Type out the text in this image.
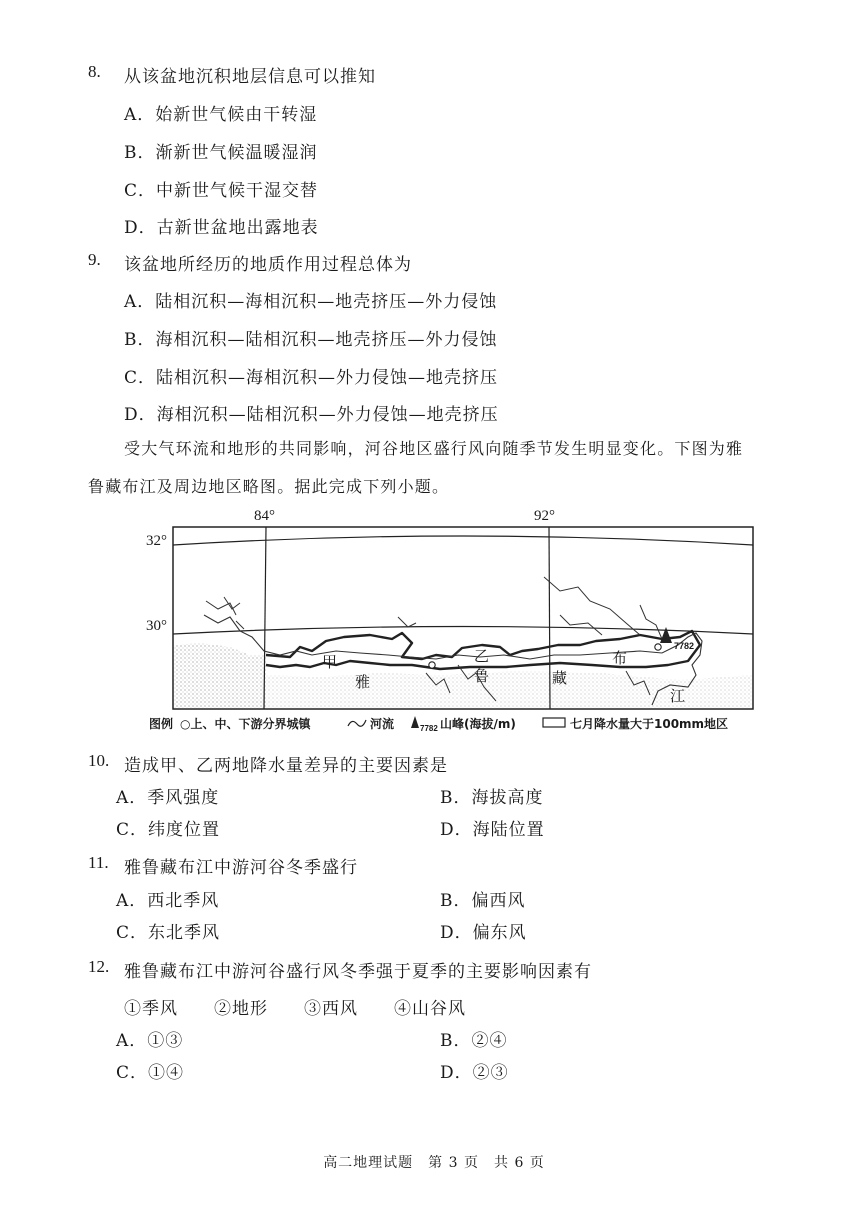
8. 从该盆地沉积地层信息可以推知
A．始新世气候由干转湿
B．渐新世气候温暖湿润
C．中新世气候干湿交替
D．古新世盆地出露地表
9. 该盆地所经历的地质作用过程总体为
A．陆相沉积—海相沉积—地壳挤压—外力侵蚀
B．海相沉积—陆相沉积—地壳挤压—外力侵蚀
C．陆相沉积—海相沉积—外力侵蚀—地壳挤压
D．海相沉积—陆相沉积—外力侵蚀—地壳挤压
受大气环流和地形的共同影响，河谷地区盛行风向随季节发生明显变化。下图为雅
鲁藏布江及周边地区略图。据此完成下列小题。
84°	92°
32°
30°
甲
雅
乙
鲁	藏
布
江
7782
图例 ○上、中、下游分界城镇	河流	7782 山峰(海拔/m)	七月降水量大于100mm地区
10. 造成甲、乙两地降水量差异的主要因素是
A．季风强度	B．海拔高度
C．纬度位置	D．海陆位置
11. 雅鲁藏布江中游河谷冬季盛行
A．西北季风	B．偏西风
C．东北季风	D．偏东风
12. 雅鲁藏布江中游河谷盛行风冬季强于夏季的主要影响因素有
①季风　　②地形　　③西风　　④山谷风
A．①③	B．②④
C．①④	D．②③
高二地理试题　第 3 页　共 6 页
